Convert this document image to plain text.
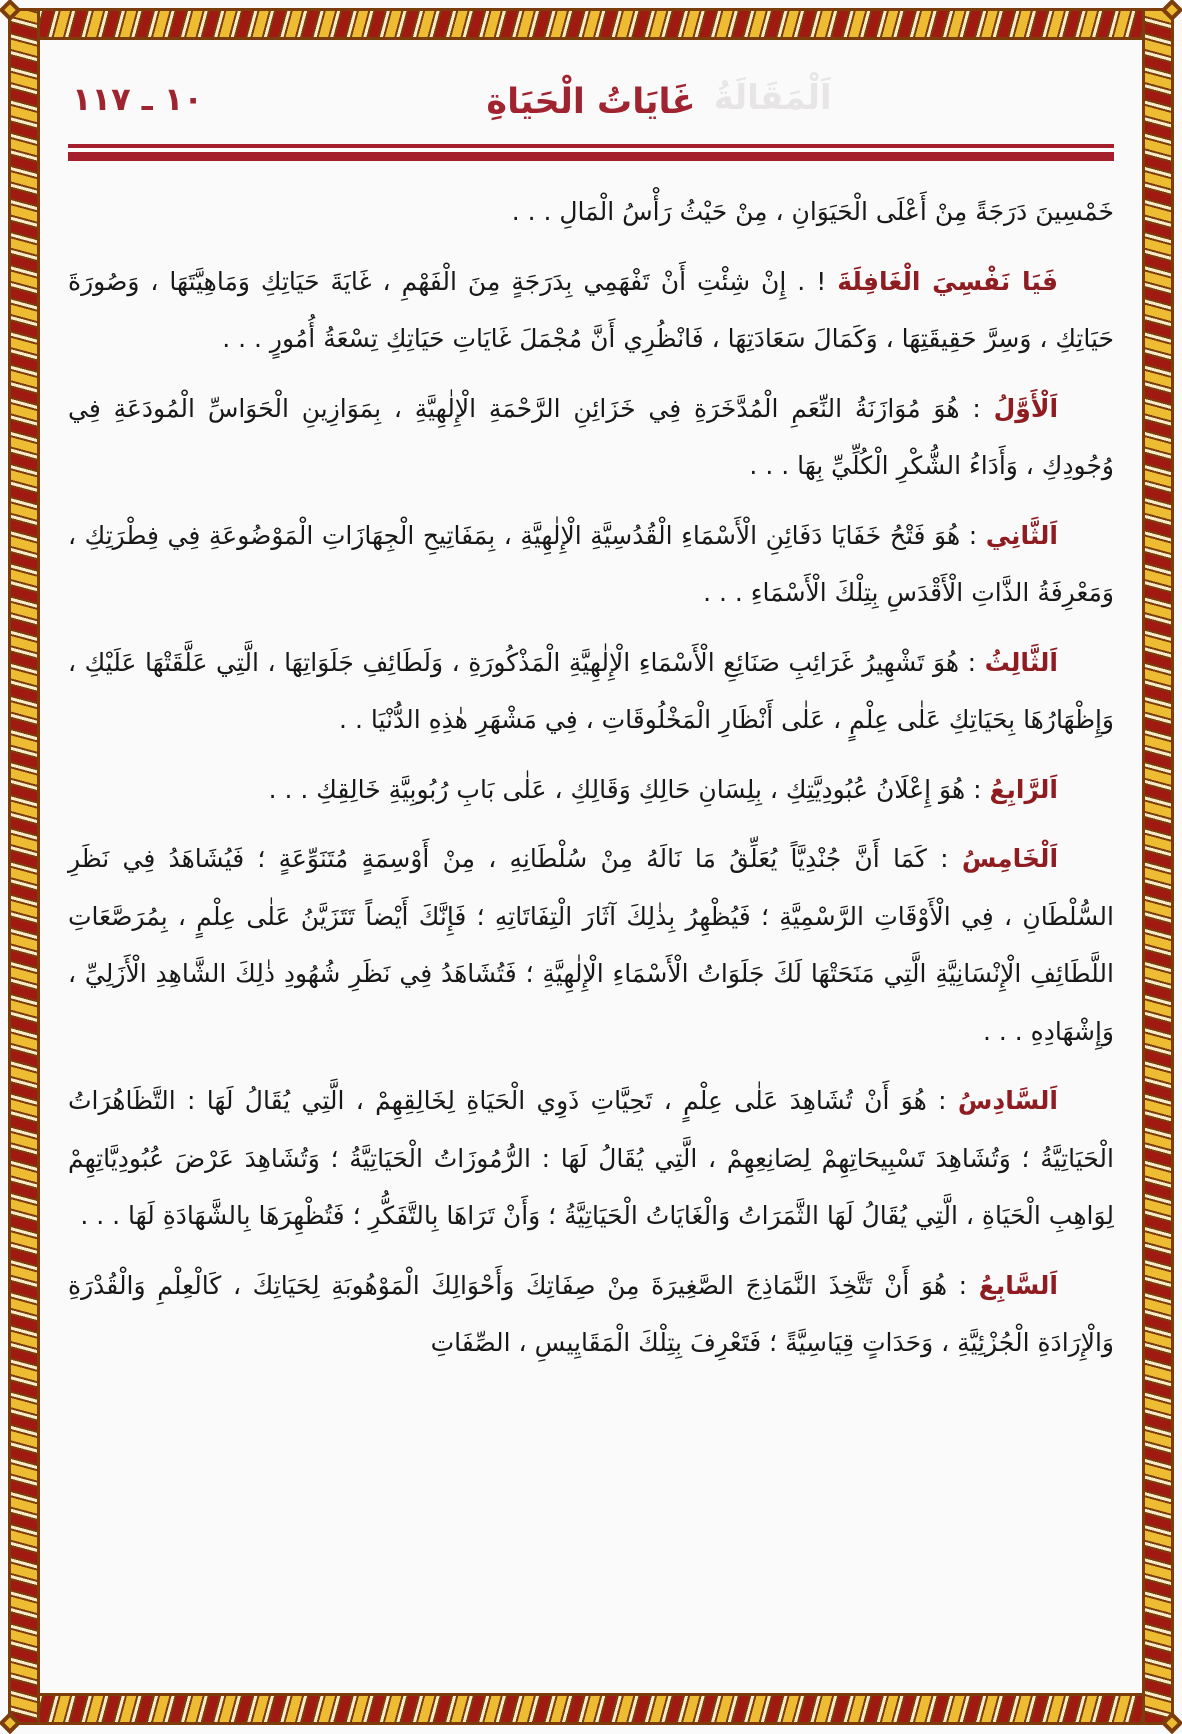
١٠ ـ ١١٧	اَلْمَقَالَةُ
غَايَاتُ الْحَيَاةِ

خَمْسِينَ دَرَجَةً مِنْ أَعْلَى الْحَيَوَانِ ، مِنْ حَيْثُ رَأْسُ الْمَالِ . . .

فَيَا نَفْسِيَ الْغَافِلَةَ ! . إِنْ شِئْتِ أَنْ تَفْهَمِي بِدَرَجَةٍ مِنَ الْفَهْمِ ، غَايَةَ حَيَاتِكِ وَمَاهِيَّتَهَا ، وَصُورَةَ حَيَاتِكِ ، وَسِرَّ حَقِيقَتِهَا ، وَكَمَالَ سَعَادَتِهَا ، فَانْظُرِي أَنَّ مُجْمَلَ غَايَاتِ حَيَاتِكِ تِسْعَةُ أُمُورٍ . . .

اَلْأَوَّلُ : هُوَ مُوَازَنَةُ النِّعَمِ الْمُدَّخَرَةِ فِي خَزَائِنِ الرَّحْمَةِ الْإِلٰهِيَّةِ ، بِمَوَازِينِ الْحَوَاسِّ الْمُودَعَةِ فِي وُجُودِكِ ، وَأَدَاءُ الشُّكْرِ الْكُلِّيِّ بِهَا . . .

اَلثَّانِي : هُوَ فَتْحُ خَفَايَا دَفَائِنِ الْأَسْمَاءِ الْقُدُسِيَّةِ الْإِلٰهِيَّةِ ، بِمَفَاتِيحِ الْجِهَازَاتِ الْمَوْضُوعَةِ فِي فِطْرَتِكِ ، وَمَعْرِفَةُ الذَّاتِ الْأَقْدَسِ بِتِلْكَ الْأَسْمَاءِ . . .

اَلثَّالِثُ : هُوَ تَشْهِيرُ غَرَائِبِ صَنَائِعِ الْأَسْمَاءِ الْإِلٰهِيَّةِ الْمَذْكُورَةِ ، وَلَطَائِفِ جَلَوَاتِهَا ، الَّتِي عَلَّقَتْهَا عَلَيْكِ ، وَإِظْهَارُهَا بِحَيَاتِكِ عَلٰى عِلْمٍ ، عَلٰى أَنْظَارِ الْمَخْلُوقَاتِ ، فِي مَشْهَرِ هٰذِهِ الدُّنْيَا . .

اَلرَّابِعُ : هُوَ إِعْلَانُ عُبُودِيَّتِكِ ، بِلِسَانِ حَالِكِ وَقَالِكِ ، عَلٰى بَابِ رُبُوبِيَّةِ خَالِقِكِ . . .

اَلْخَامِسُ : كَمَا أَنَّ جُنْدِيَّاً يُعَلِّقُ مَا نَالَهُ مِنْ سُلْطَانِهِ ، مِنْ أَوْسِمَةٍ مُتَنَوِّعَةٍ ؛ فَيُشَاهَدُ فِي نَظَرِ السُّلْطَانِ ، فِي الْأَوْقَاتِ الرَّسْمِيَّةِ ؛ فَيُظْهِرُ بِذٰلِكَ آثَارَ الْتِفَاتَاتِهِ ؛ فَإِنَّكَ أَيْضاً تَتَزَيَّنُ عَلٰى عِلْمٍ ، بِمُرَصَّعَاتِ اللَّطَائِفِ الْإِنْسَانِيَّةِ الَّتِي مَنَحَتْهَا لَكَ جَلَوَاتُ الْأَسْمَاءِ الْإِلٰهِيَّةِ ؛ فَتُشَاهَدُ فِي نَظَرِ شُهُودِ ذٰلِكَ الشَّاهِدِ الْأَزَلِيِّ ، وَإِشْهَادِهِ . . .

اَلسَّادِسُ : هُوَ أَنْ تُشَاهِدَ عَلٰى عِلْمٍ ، تَحِيَّاتِ ذَوِي الْحَيَاةِ لِخَالِقِهِمْ ، الَّتِي يُقَالُ لَهَا : التَّظَاهُرَاتُ الْحَيَاتِيَّةُ ؛ وَتُشَاهِدَ تَسْبِيحَاتِهِمْ لِصَانِعِهِمْ ، الَّتِي يُقَالُ لَهَا : الرُّمُوزَاتُ الْحَيَاتِيَّةُ ؛ وَتُشَاهِدَ عَرْضَ عُبُودِيَّاتِهِمْ لِوَاهِبِ الْحَيَاةِ ، الَّتِي يُقَالُ لَهَا الثَّمَرَاتُ وَالْغَايَاتُ الْحَيَاتِيَّةُ ؛ وَأَنْ تَرَاهَا بِالتَّفَكُّرِ ؛ فَتُظْهِرَهَا بِالشَّهَادَةِ لَهَا . . .

اَلسَّابِعُ : هُوَ أَنْ تَتَّخِذَ النَّمَاذِجَ الصَّغِيرَةَ مِنْ صِفَاتِكَ وَأَحْوَالِكَ الْمَوْهُوبَةِ لِحَيَاتِكَ ، كَالْعِلْمِ وَالْقُدْرَةِ وَالْإِرَادَةِ الْجُزْئِيَّةِ ، وَحَدَاتٍ قِيَاسِيَّةً ؛ فَتَعْرِفَ بِتِلْكَ الْمَقَايِيسِ ، الصِّفَاتِ
